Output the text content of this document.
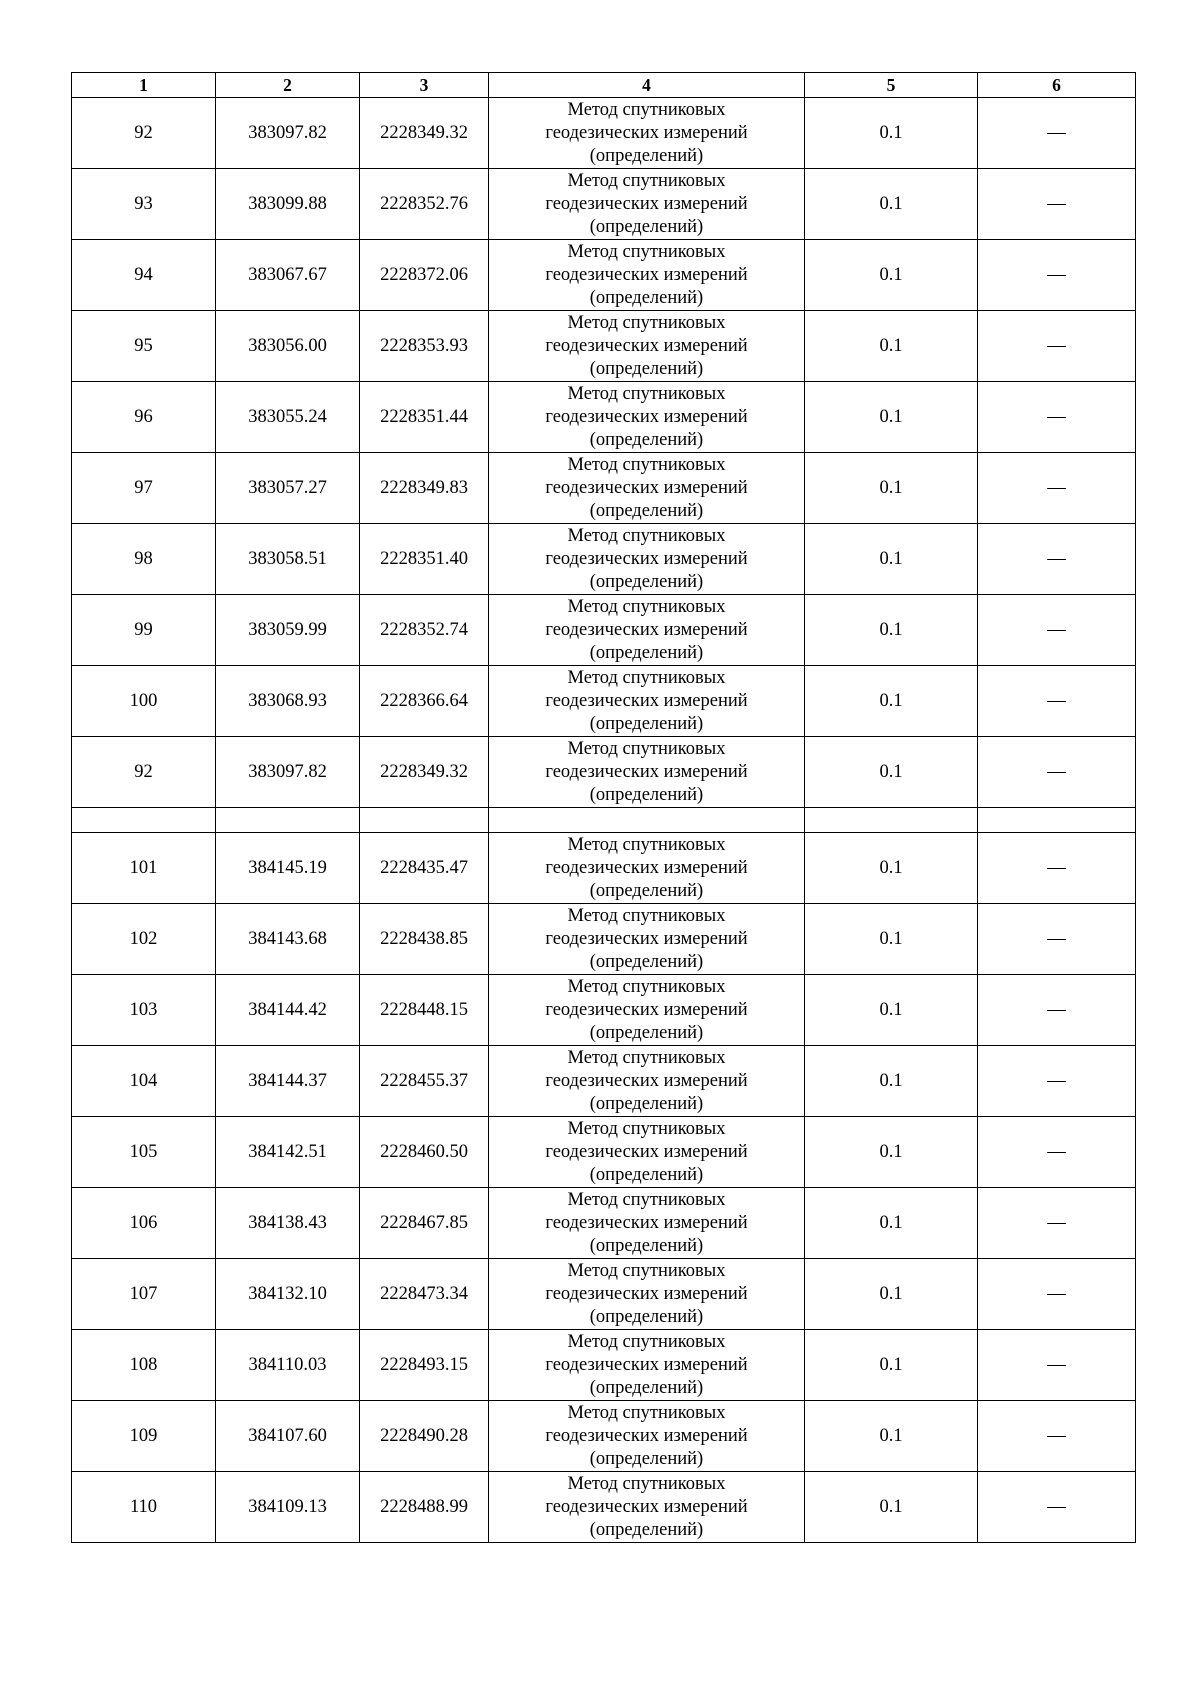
1	2	3	4	5	6
92	383097.82	2228349.32	Метод спутниковых геодезических измерений (определений)	0.1	—
93	383099.88	2228352.76	Метод спутниковых геодезических измерений (определений)	0.1	—
94	383067.67	2228372.06	Метод спутниковых геодезических измерений (определений)	0.1	—
95	383056.00	2228353.93	Метод спутниковых геодезических измерений (определений)	0.1	—
96	383055.24	2228351.44	Метод спутниковых геодезических измерений (определений)	0.1	—
97	383057.27	2228349.83	Метод спутниковых геодезических измерений (определений)	0.1	—
98	383058.51	2228351.40	Метод спутниковых геодезических измерений (определений)	0.1	—
99	383059.99	2228352.74	Метод спутниковых геодезических измерений (определений)	0.1	—
100	383068.93	2228366.64	Метод спутниковых геодезических измерений (определений)	0.1	—
92	383097.82	2228349.32	Метод спутниковых геодезических измерений (определений)	0.1	—

101	384145.19	2228435.47	Метод спутниковых геодезических измерений (определений)	0.1	—
102	384143.68	2228438.85	Метод спутниковых геодезических измерений (определений)	0.1	—
103	384144.42	2228448.15	Метод спутниковых геодезических измерений (определений)	0.1	—
104	384144.37	2228455.37	Метод спутниковых геодезических измерений (определений)	0.1	—
105	384142.51	2228460.50	Метод спутниковых геодезических измерений (определений)	0.1	—
106	384138.43	2228467.85	Метод спутниковых геодезических измерений (определений)	0.1	—
107	384132.10	2228473.34	Метод спутниковых геодезических измерений (определений)	0.1	—
108	384110.03	2228493.15	Метод спутниковых геодезических измерений (определений)	0.1	—
109	384107.60	2228490.28	Метод спутниковых геодезических измерений (определений)	0.1	—
110	384109.13	2228488.99	Метод спутниковых геодезических измерений (определений)	0.1	—
